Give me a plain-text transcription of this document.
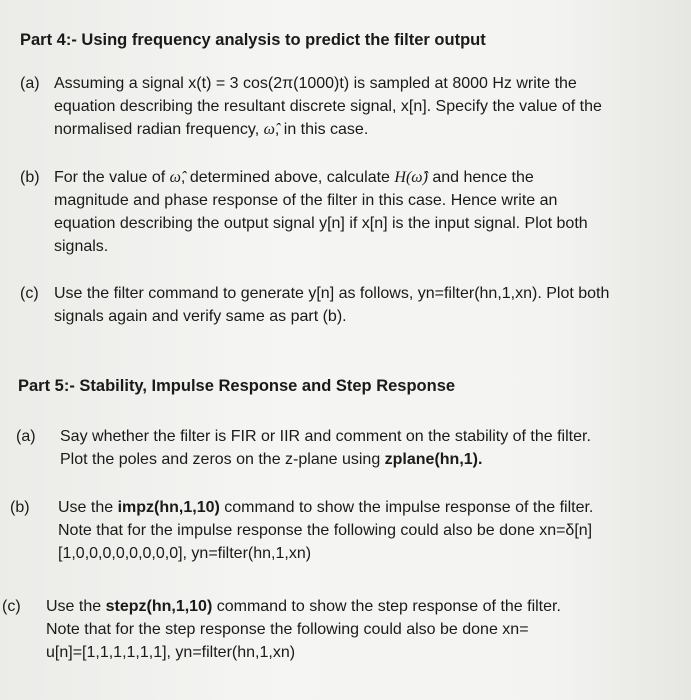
Part 4:- Using frequency analysis to predict the filter output
(a) Assuming a signal x(t) = 3 cos(2π(1000)t) is sampled at 8000 Hz write the
equation describing the resultant discrete signal, x[n]. Specify the value of the
normalised radian frequency, ω̂, in this case.
(b) For the value of ω̂, determined above, calculate H(ω̂) and hence the
magnitude and phase response of the filter in this case. Hence write an
equation describing the output signal y[n] if x[n] is the input signal. Plot both
signals.
(c) Use the filter command to generate y[n] as follows, yn=filter(hn,1,xn). Plot both
signals again and verify same as part (b).
Part 5:- Stability, Impulse Response and Step Response
(a) Say whether the filter is FIR or IIR and comment on the stability of the filter.
Plot the poles and zeros on the z-plane using zplane(hn,1).
(b) Use the impz(hn,1,10) command to show the impulse response of the filter.
Note that for the impulse response the following could also be done xn=δ[n]
[1,0,0,0,0,0,0,0,0], yn=filter(hn,1,xn)
(c) Use the stepz(hn,1,10) command to show the step response of the filter.
Note that for the step response the following could also be done xn=
u[n]=[1,1,1,1,1,1], yn=filter(hn,1,xn)
